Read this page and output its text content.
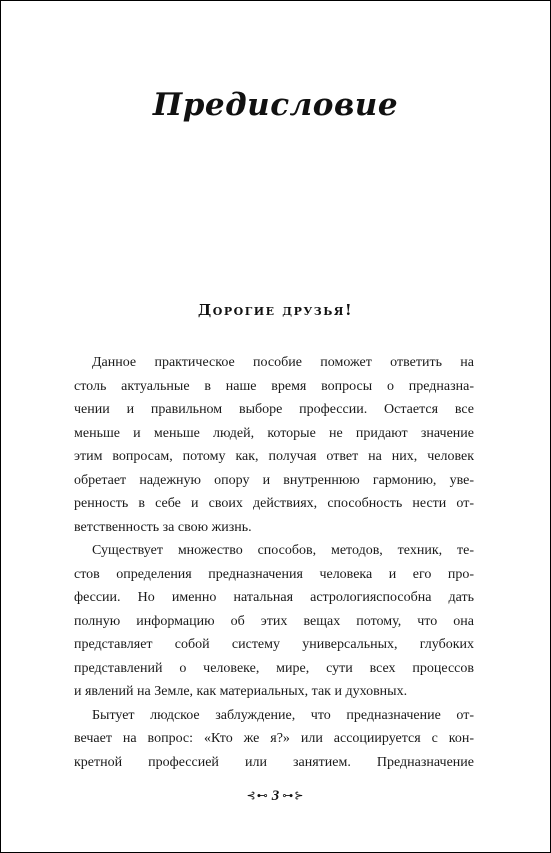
Предисловие
Дорогие друзья!

Данное практическое пособие поможет ответить на
столь актуальные в наше время вопросы о предназна-
чении и правильном выборе профессии. Остается все
меньше и меньше людей, которые не придают значение
этим вопросам, потому как, получая ответ на них, человек
обретает надежную опору и внутреннюю гармонию, уве-
ренность в себе и своих действиях, способность нести от-
ветственность за свою жизнь.

Существует множество способов, методов, техник, те-
стов определения предназначения человека и его про-
фессии. Но именно натальная астрологияспособна дать
полную информацию об этих вещах потому, что она
представляет собой систему универсальных, глубоких
представлений о человеке, мире, сути всех процессов
и явлений на Земле, как материальных, так и духовных.

Бытует людское заблуждение, что предназначение от-
вечает на вопрос: «Кто же я?» или ассоциируется с кон-
кретной профессией или занятием. Предназначение

⊰⊷ 3 ⊶⊱
